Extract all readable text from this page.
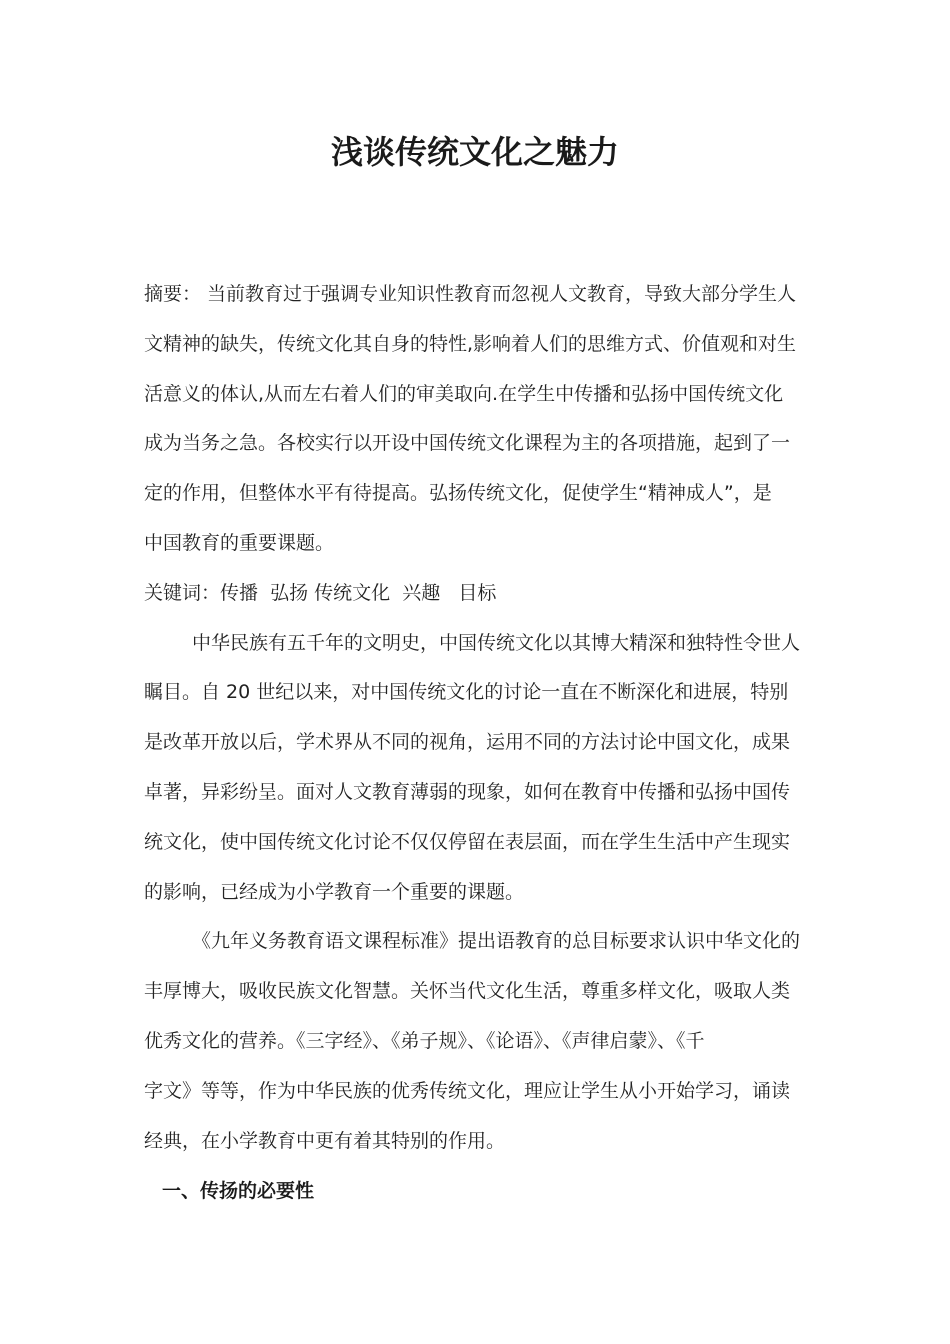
浅谈传统文化之魅力
摘要： 当前教育过于强调专业知识性教育而忽视人文教育，导致大部分学生人
文精神的缺失，传统文化其自身的特性,影响着人们的思维方式、价值观和对生
活意义的体认,从而左右着人们的审美取向.在学生中传播和弘扬中国传统文化
成为当务之急。各校实行以开设中国传统文化课程为主的各项措施，起到了一
定的作用，但整体水平有待提高。弘扬传统文化，促使学生“精神成人”，是
中国教育的重要课题。
关键词：传播  弘扬 传统文化  兴趣   目标
中华民族有五千年的文明史，中国传统文化以其博大精深和独特性令世人
瞩目。自 20 世纪以来，对中国传统文化的讨论一直在不断深化和进展，特别
是改革开放以后，学术界从不同的视角，运用不同的方法讨论中国文化，成果
卓著，异彩纷呈。面对人文教育薄弱的现象，如何在教育中传播和弘扬中国传
统文化，使中国传统文化讨论不仅仅停留在表层面，而在学生生活中产生现实
的影响，已经成为小学教育一个重要的课题。
《九年义务教育语文课程标准》提出语教育的总目标要求认识中华文化的
丰厚博大，吸收民族文化智慧。关怀当代文化生活，尊重多样文化，吸取人类
优秀文化的营养。《三字经》、《弟子规》、《论语》、《声律启蒙》、《千
字文》等等，作为中华民族的优秀传统文化，理应让学生从小开始学习，诵读
经典，在小学教育中更有着其特别的作用。
一、传扬的必要性
